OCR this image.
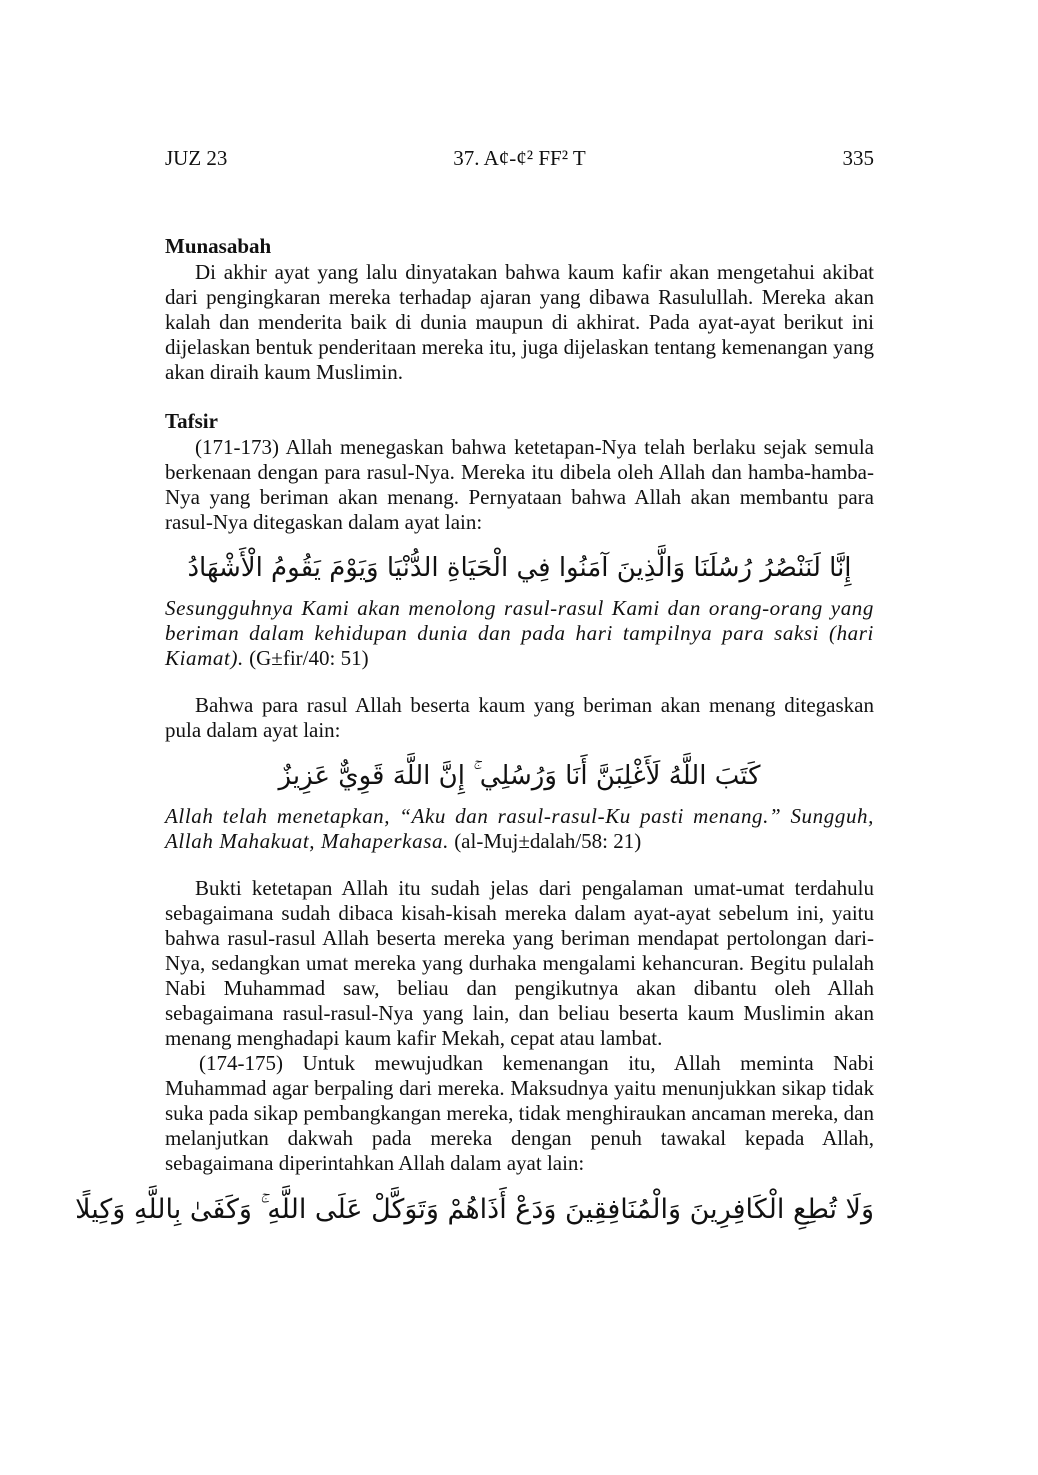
JUZ 23	37. A¢-¢² FF² T	335
Munasabah

Di akhir ayat yang lalu dinyatakan bahwa kaum kafir akan mengetahui akibat dari pengingkaran mereka terhadap ajaran yang dibawa Rasulullah. Mereka akan kalah dan menderita baik di dunia maupun di akhirat. Pada ayat-ayat berikut ini dijelaskan bentuk penderitaan mereka itu, juga dijelaskan tentang kemenangan yang akan diraih kaum Muslimin.

Tafsir

(171-173) Allah menegaskan bahwa ketetapan-Nya telah berlaku sejak semula berkenaan dengan para rasul-Nya. Mereka itu dibela oleh Allah dan hamba-hamba-Nya yang beriman akan menang. Pernyataan bahwa Allah akan membantu para rasul-Nya ditegaskan dalam ayat lain:

إِنَّا لَنَنْصُرُ رُسُلَنَا وَالَّذِينَ آمَنُوا فِي الْحَيَاةِ الدُّنْيَا وَيَوْمَ يَقُومُ الْأَشْهَادُ

Sesungguhnya Kami akan menolong rasul-rasul Kami dan orang-orang yang beriman dalam kehidupan dunia dan pada hari tampilnya para saksi (hari Kiamat). (G±fir/40: 51)

Bahwa para rasul Allah beserta kaum yang beriman akan menang ditegaskan pula dalam ayat lain:

كَتَبَ اللَّهُ لَأَغْلِبَنَّ أَنَا وَرُسُلِي ۚ إِنَّ اللَّهَ قَوِيٌّ عَزِيزٌ

Allah telah menetapkan, “Aku dan rasul-rasul-Ku pasti menang.” Sungguh, Allah Mahakuat, Mahaperkasa. (al-Muj±dalah/58: 21)

Bukti ketetapan Allah itu sudah jelas dari pengalaman umat-umat terdahulu sebagaimana sudah dibaca kisah-kisah mereka dalam ayat-ayat sebelum ini, yaitu bahwa rasul-rasul Allah beserta mereka yang beriman mendapat pertolongan dari-Nya, sedangkan umat mereka yang durhaka mengalami kehancuran. Begitu pulalah Nabi Muhammad saw, beliau dan pengikutnya akan dibantu oleh Allah sebagaimana rasul-rasul-Nya yang lain, dan beliau beserta kaum Muslimin akan menang menghadapi kaum kafir Mekah, cepat atau lambat.

(174-175) Untuk mewujudkan kemenangan itu, Allah meminta Nabi Muhammad agar berpaling dari mereka. Maksudnya yaitu menunjukkan sikap tidak suka pada sikap pembangkangan mereka, tidak menghiraukan ancaman mereka, dan melanjutkan dakwah pada mereka dengan penuh tawakal kepada Allah, sebagaimana diperintahkan Allah dalam ayat lain:

وَلَا تُطِعِ الْكَافِرِينَ وَالْمُنَافِقِينَ وَدَعْ أَذَاهُمْ وَتَوَكَّلْ عَلَى اللَّهِ ۚ وَكَفَىٰ بِاللَّهِ وَكِيلًا
